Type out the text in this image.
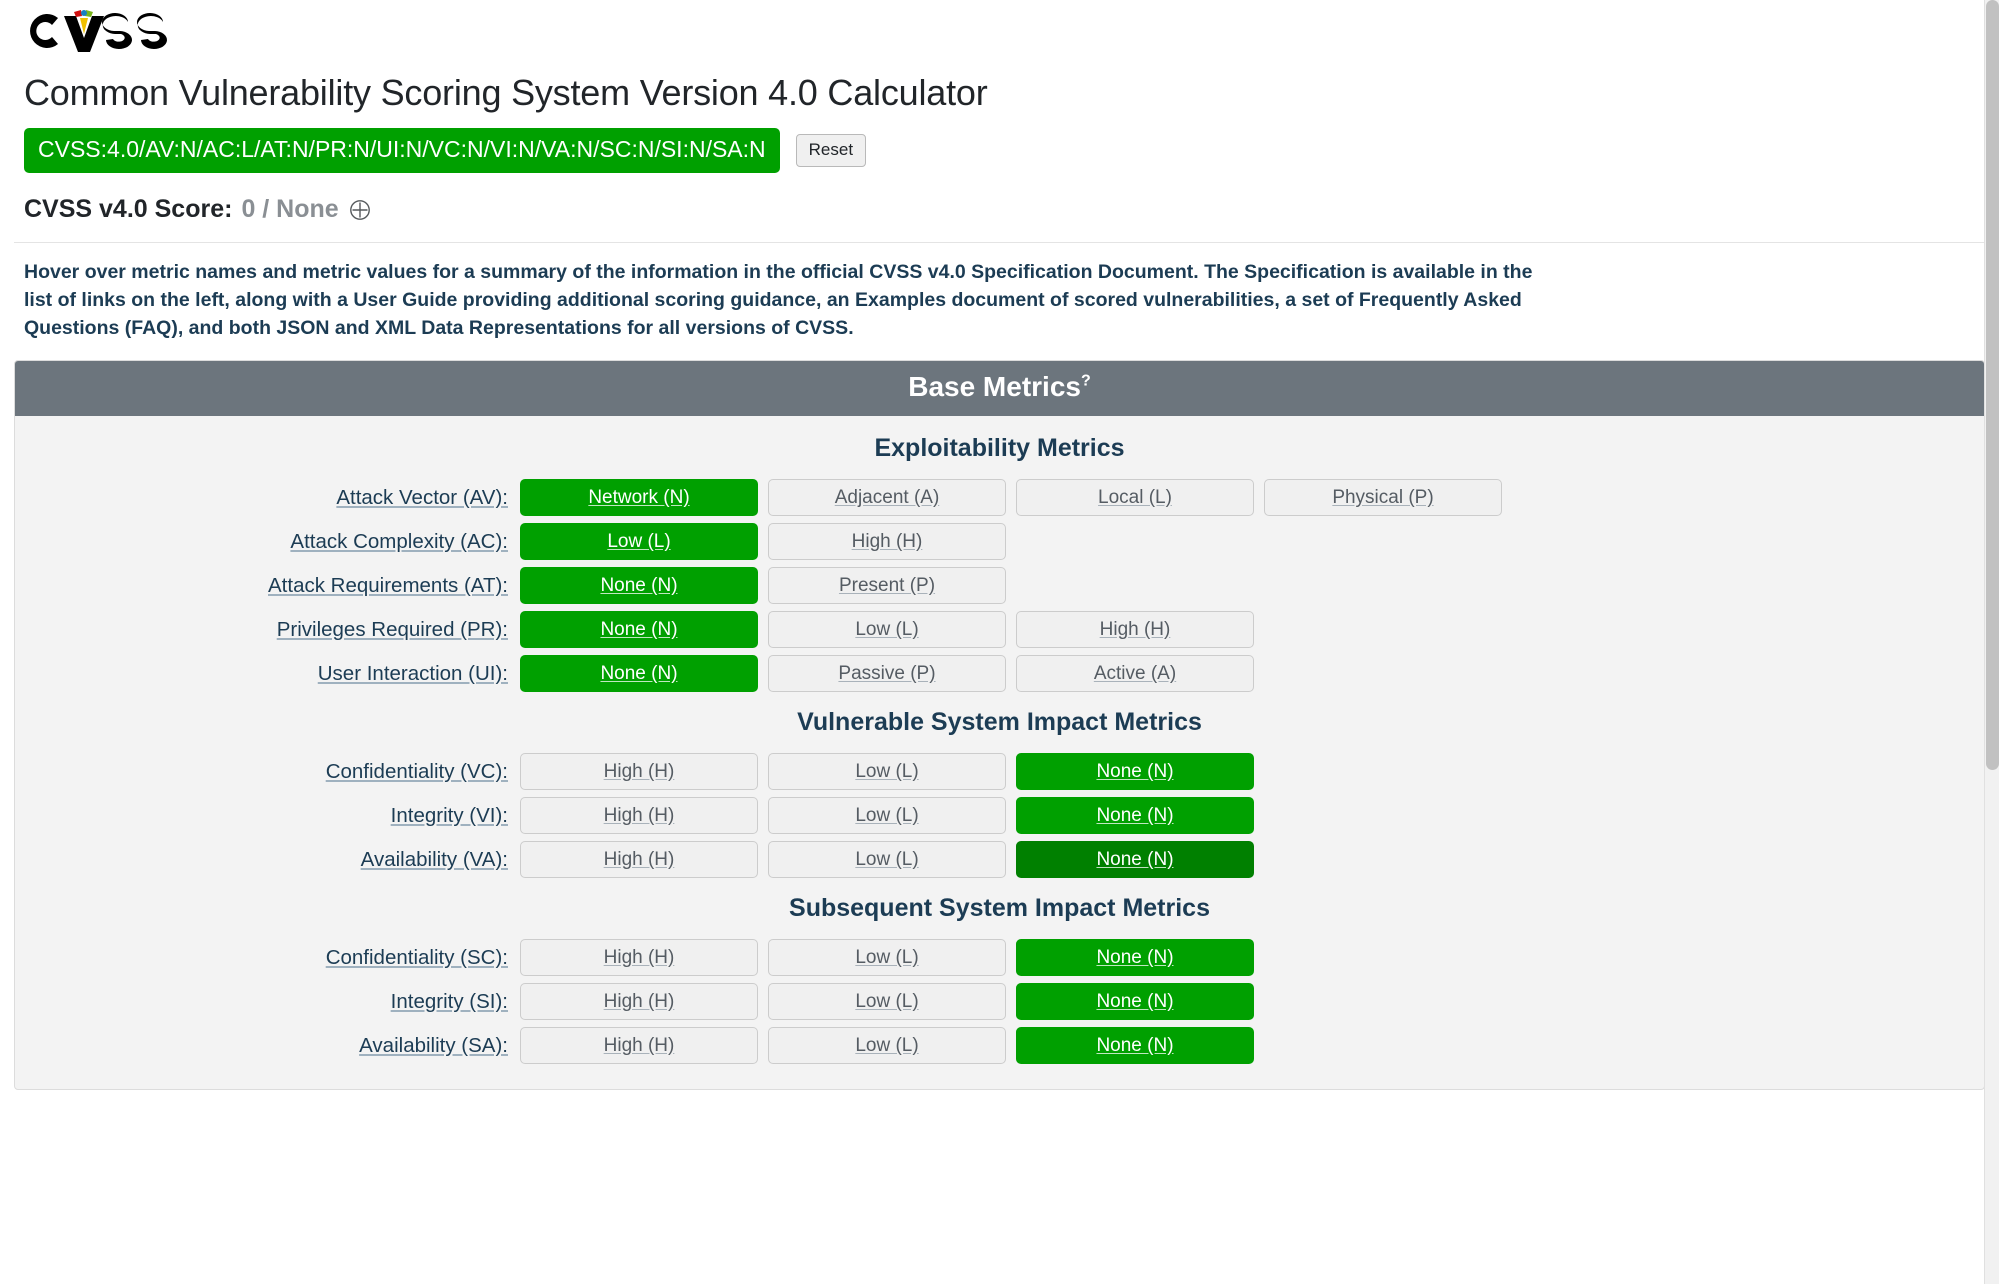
Common Vulnerability Scoring System Version 4.0 Calculator
CVSS:4.0/AV:N/AC:L/AT:N/PR:N/UI:N/VC:N/VI:N/VA:N/SC:N/SI:N/SA:N	Reset
CVSS v4.0 Score: 0 / None

Hover over metric names and metric values for a summary of the information in the official CVSS v4.0 Specification Document. The Specification is available in the list of links on the left, along with a User Guide providing additional scoring guidance, an Examples document of scored vulnerabilities, a set of Frequently Asked Questions (FAQ), and both JSON and XML Data Representations for all versions of CVSS.

Base Metrics?
Exploitability Metrics
Attack Vector (AV):	Network (N)	Adjacent (A)	Local (L)	Physical (P)
Attack Complexity (AC):	Low (L)	High (H)
Attack Requirements (AT):	None (N)	Present (P)
Privileges Required (PR):	None (N)	Low (L)	High (H)
User Interaction (UI):	None (N)	Passive (P)	Active (A)
Vulnerable System Impact Metrics
Confidentiality (VC):	High (H)	Low (L)	None (N)
Integrity (VI):	High (H)	Low (L)	None (N)
Availability (VA):	High (H)	Low (L)	None (N)
Subsequent System Impact Metrics
Confidentiality (SC):	High (H)	Low (L)	None (N)
Integrity (SI):	High (H)	Low (L)	None (N)
Availability (SA):	High (H)	Low (L)	None (N)
